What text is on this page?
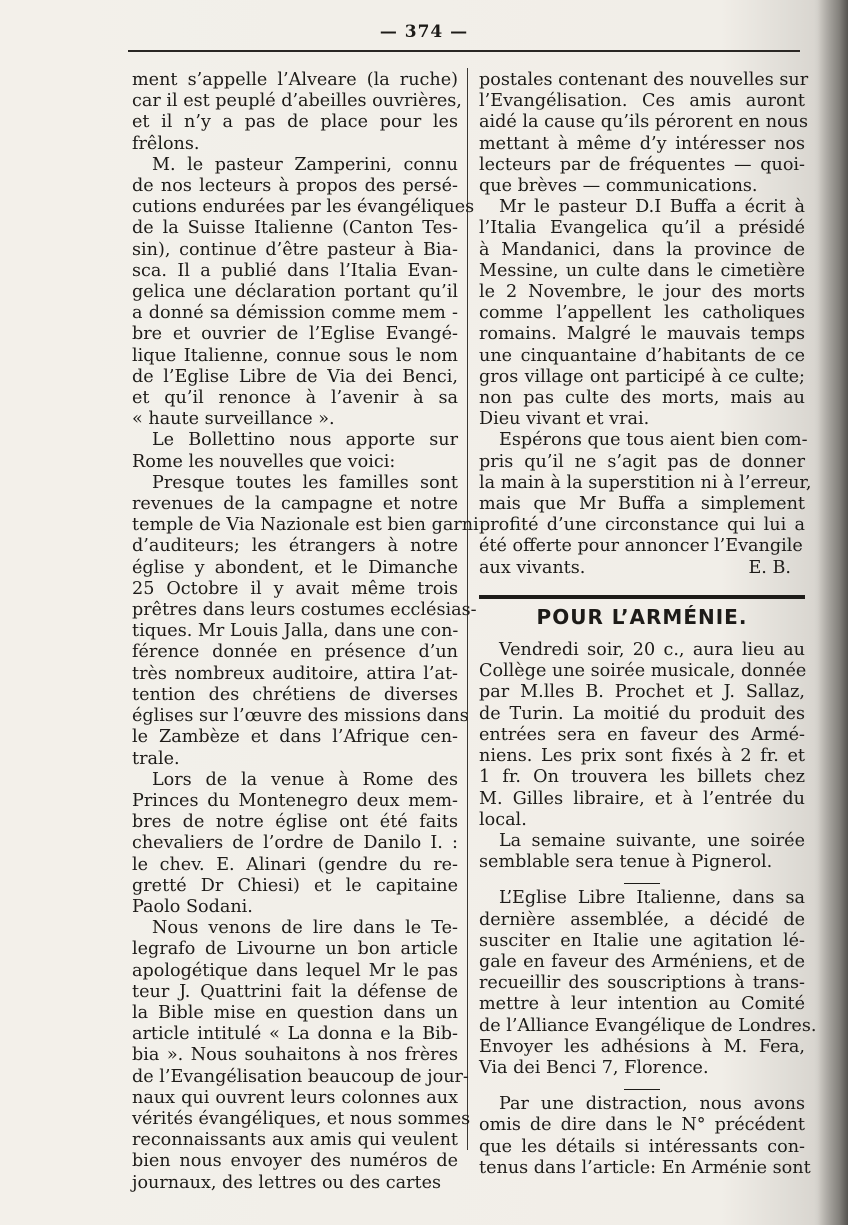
— 374 —

ment s’appelle l’Alveare (la ruche)
car il est peuplé d’abeilles ouvrières,
et il n’y a pas de place pour les
frêlons.

M. le pasteur Zamperini, connu
de nos lecteurs à propos des persé-
cutions endurées par les évangéliques
de la Suisse Italienne (Canton Tes-
sin), continue d’être pasteur à Bia-
sca. Il a publié dans l’Italia Evan-
gelica une déclaration portant qu’il
a donné sa démission comme mem -
bre et ouvrier de l’Eglise Evangé-
lique Italienne, connue sous le nom
de l’Eglise Libre de Via dei Benci,
et qu’il renonce à l’avenir à sa
« haute surveillance ».

Le Bollettino nous apporte sur
Rome les nouvelles que voici:

Presque toutes les familles sont
revenues de la campagne et notre
temple de Via Nazionale est bien garni
d’auditeurs; les étrangers à notre
église y abondent, et le Dimanche
25 Octobre il y avait même trois
prêtres dans leurs costumes ecclésias-
tiques. Mr Louis Jalla, dans une con-
férence donnée en présence d’un
très nombreux auditoire, attira l’at-
tention des chrétiens de diverses
églises sur l’œuvre des missions dans
le Zambèze et dans l’Afrique cen-
trale.

Lors de la venue à Rome des
Princes du Montenegro deux mem-
bres de notre église ont été faits
chevaliers de l’ordre de Danilo I. :
le chev. E. Alinari (gendre du re-
gretté Dr Chiesi) et le capitaine
Paolo Sodani.

Nous venons de lire dans le Te-
legrafo de Livourne un bon article
apologétique dans lequel Mr le pas
teur J. Quattrini fait la défense de
la Bible mise en question dans un
article intitulé « La donna e la Bib-
bia ». Nous souhaitons à nos frères
de l’Evangélisation beaucoup de jour-
naux qui ouvrent leurs colonnes aux
vérités évangéliques, et nous sommes
reconnaissants aux amis qui veulent
bien nous envoyer des numéros de
journaux, des lettres ou des cartes

postales contenant des nouvelles sur
l’Evangélisation. Ces amis auront
aidé la cause qu’ils pérorent en nous
mettant à même d’y intéresser nos
lecteurs par de fréquentes — quoi-
que brèves — communications.

Mr le pasteur D.I Buffa a écrit à
l’Italia Evangelica qu’il a présidé
à Mandanici, dans la province de
Messine, un culte dans le cimetière
le 2 Novembre, le jour des morts
comme l’appellent les catholiques
romains. Malgré le mauvais temps
une cinquantaine d’habitants de ce
gros village ont participé à ce culte;
non pas culte des morts, mais au
Dieu vivant et vrai.

Espérons que tous aient bien com-
pris qu’il ne s’agit pas de donner
la main à la superstition ni à l’erreur,
mais que Mr Buffa a simplement
profité d’une circonstance qui lui a
été offerte pour annoncer l’Evangile

aux vivants.	E. B.
POUR L’ARMÉNIE.

Vendredi soir, 20 c., aura lieu au
Collège une soirée musicale, donnée
par M.lles B. Prochet et J. Sallaz,
de Turin. La moitié du produit des
entrées sera en faveur des Armé-
niens. Les prix sont fixés à 2 fr. et
1 fr. On trouvera les billets chez
M. Gilles libraire, et à l’entrée du
local.

La semaine suivante, une soirée
semblable sera tenue à Pignerol.

L’Eglise Libre Italienne, dans sa
dernière assemblée, a décidé de
susciter en Italie une agitation lé-
gale en faveur des Arméniens, et de
recueillir des souscriptions à trans-
mettre à leur intention au Comité
de l’Alliance Evangélique de Londres.
Envoyer les adhésions à M. Fera,
Via dei Benci 7, Florence.

Par une distraction, nous avons
omis de dire dans le N° précédent
que les détails si intéressants con-
tenus dans l’article: En Arménie sont
